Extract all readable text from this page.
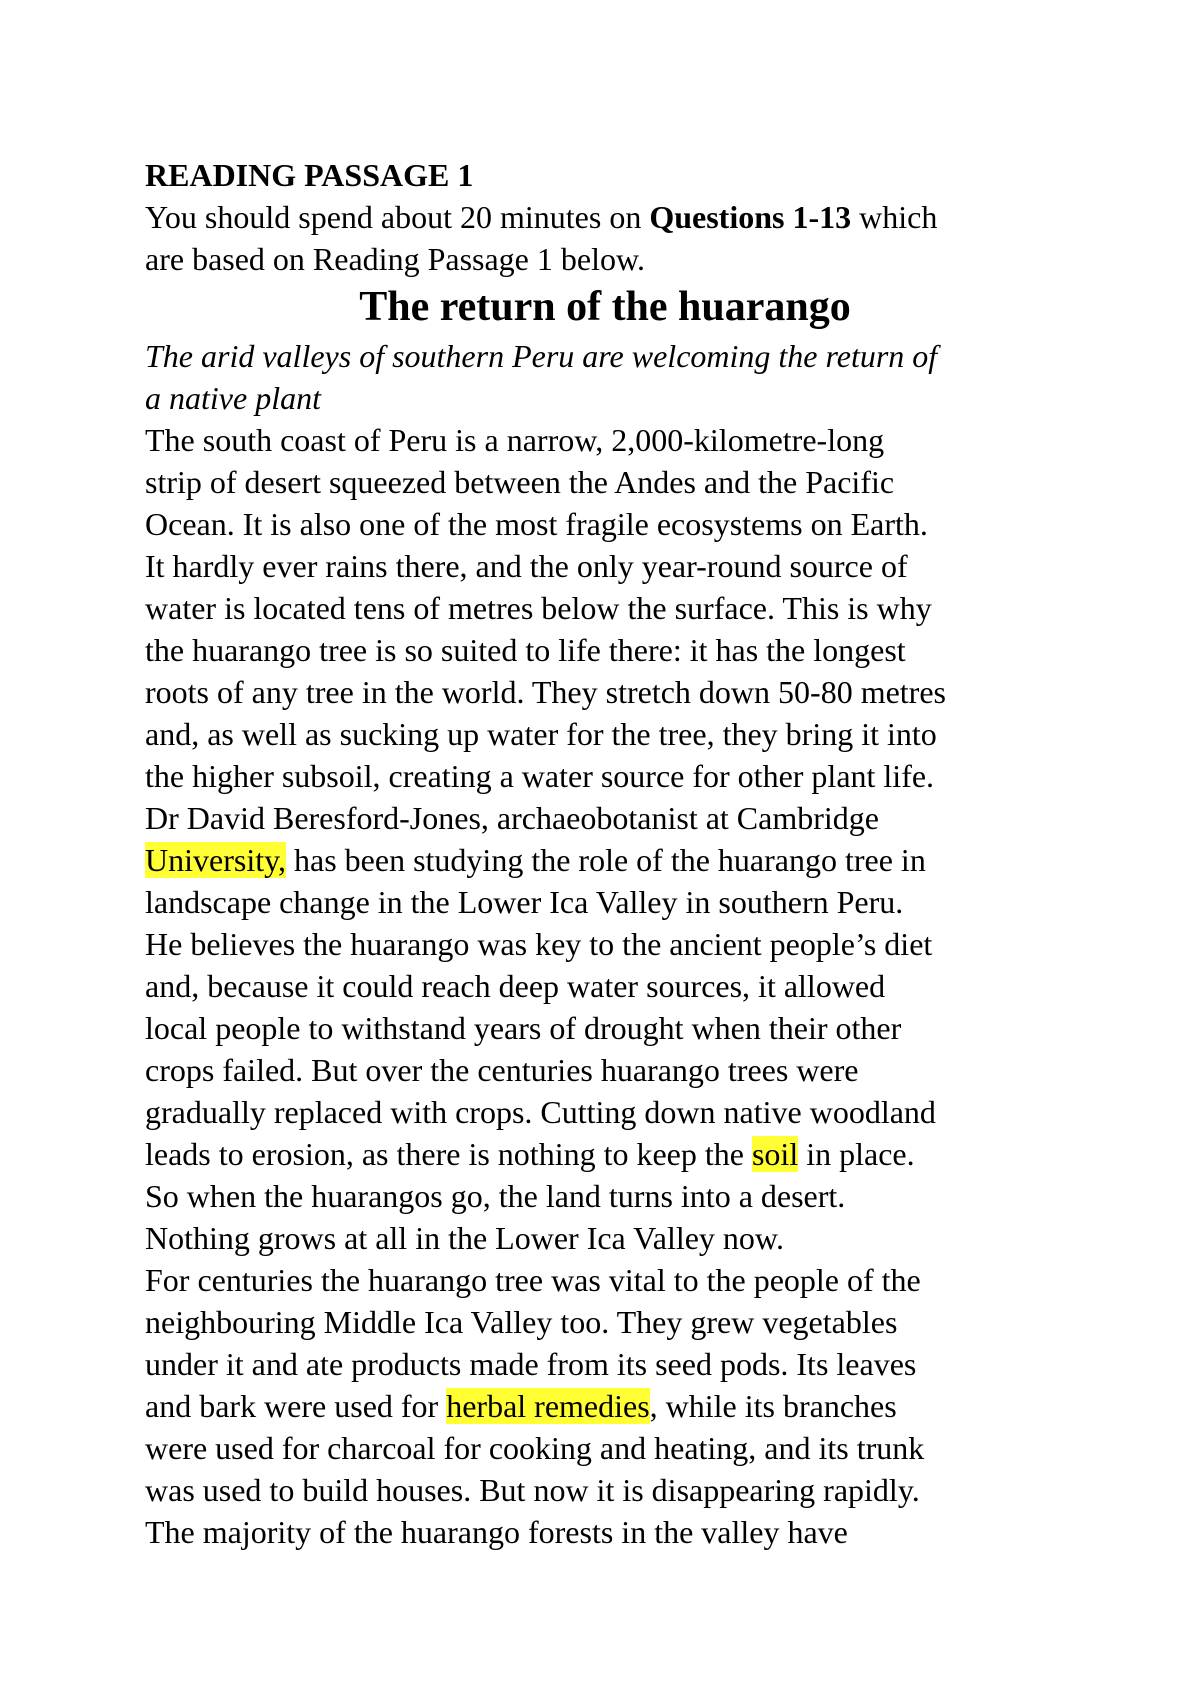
READING PASSAGE 1
You should spend about 20 minutes on Questions 1-13 which
are based on Reading Passage 1 below.
The return of the huarango
The arid valleys of southern Peru are welcoming the return of
a native plant
The south coast of Peru is a narrow, 2,000-kilometre-long
strip of desert squeezed between the Andes and the Pacific
Ocean. It is also one of the most fragile ecosystems on Earth.
It hardly ever rains there, and the only year-round source of
water is located tens of metres below the surface. This is why
the huarango tree is so suited to life there: it has the longest
roots of any tree in the world. They stretch down 50-80 metres
and, as well as sucking up water for the tree, they bring it into
the higher subsoil, creating a water source for other plant life.
Dr David Beresford-Jones, archaeobotanist at Cambridge
University, has been studying the role of the huarango tree in
landscape change in the Lower Ica Valley in southern Peru.
He believes the huarango was key to the ancient people’s diet
and, because it could reach deep water sources, it allowed
local people to withstand years of drought when their other
crops failed. But over the centuries huarango trees were
gradually replaced with crops. Cutting down native woodland
leads to erosion, as there is nothing to keep the soil in place.
So when the huarangos go, the land turns into a desert.
Nothing grows at all in the Lower Ica Valley now.
For centuries the huarango tree was vital to the people of the
neighbouring Middle Ica Valley too. They grew vegetables
under it and ate products made from its seed pods. Its leaves
and bark were used for herbal remedies, while its branches
were used for charcoal for cooking and heating, and its trunk
was used to build houses. But now it is disappearing rapidly.
The majority of the huarango forests in the valley have
